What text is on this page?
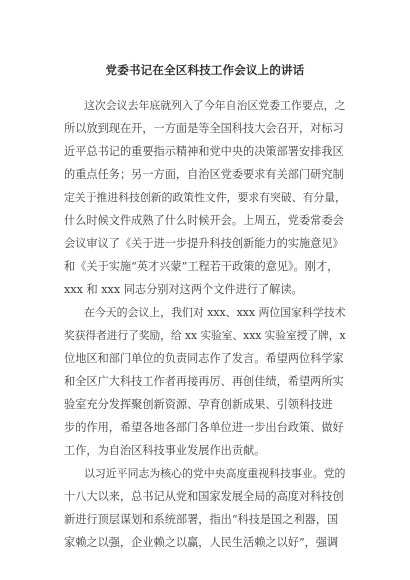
党委书记在全区科技工作会议上的讲话
这次会议去年底就列入了今年自治区党委工作要点，之
所以放到现在开，一方面是等全国科技大会召开，对标习
近平总书记的重要指示精神和党中央的决策部署安排我区
的重点任务；另一方面，自治区党委要求有关部门研究制
定关于推进科技创新的政策性文件，要求有突破、有分量，
什么时候文件成熟了什么时候开会。上周五，党委常委会
会议审议了《关于进一步提升科技创新能力的实施意见》
和《关于实施“英才兴蒙”工程若干政策的意见》。刚才，
xxx 和 xxx 同志分别对这两个文件进行了解读。
在今天的会议上，我们对 xxx、xxx 两位国家科学技术
奖获得者进行了奖励，给 xx 实验室、xxx 实验室授了牌，x
位地区和部门单位的负责同志作了发言。希望两位科学家
和全区广大科技工作者再接再厉、再创佳绩，希望两所实
验室充分发挥聚创新资源、孕育创新成果、引领科技进
步的作用，希望各地各部门各单位进一步出台政策、做好
工作，为自治区科技事业发展作出贡献。
以习近平同志为核心的党中央高度重视科技事业。党的
十八大以来，总书记从党和国家发展全局的高度对科技创
新进行顶层谋划和系统部署，指出“科技是国之利器，国
家赖之以强，企业赖之以赢，人民生活赖之以好”，强调
